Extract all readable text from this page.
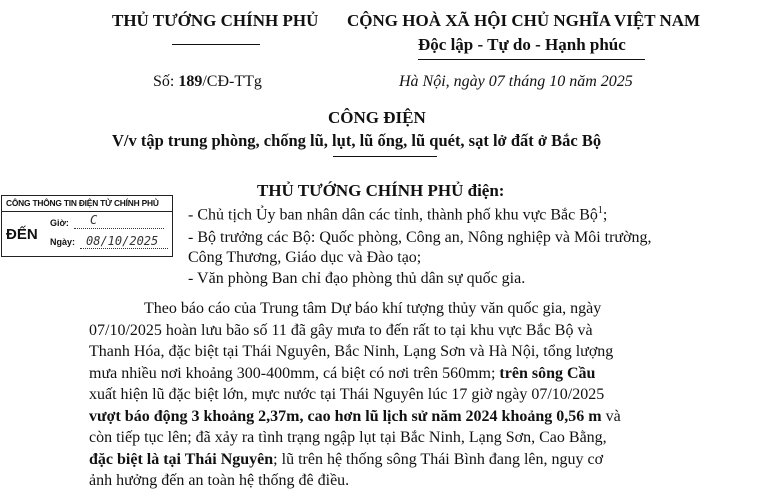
THỦ TƯỚNG CHÍNH PHỦ CỘNG HOÀ XÃ HỘI CHỦ NGHĨA VIỆT NAM
Độc lập - Tự do - Hạnh phúc
Số: 189/CĐ-TTg	Hà Nội, ngày 07 tháng 10 năm 2025
CÔNG ĐIỆN
V/v tập trung phòng, chống lũ, lụt, lũ ống, lũ quét, sạt lở đất ở Bắc Bộ
CÔNG THÔNG TIN ĐIỆN TỬ CHÍNH PHỦ
ĐẾN
Giờ: C
Ngày: 08/10/2025
THỦ TƯỚNG CHÍNH PHỦ điện:
- Chủ tịch Ủy ban nhân dân các tỉnh, thành phố khu vực Bắc Bộ$^1$;
- Bộ trưởng các Bộ: Quốc phòng, Công an, Nông nghiệp và Môi trường,
Công Thương, Giáo dục và Đào tạo;
- Văn phòng Ban chỉ đạo phòng thủ dân sự quốc gia.
Theo báo cáo của Trung tâm Dự báo khí tượng thủy văn quốc gia, ngày
07/10/2025 hoàn lưu bão số 11 đã gây mưa to đến rất to tại khu vực Bắc Bộ và
Thanh Hóa, đặc biệt tại Thái Nguyên, Bắc Ninh, Lạng Sơn và Hà Nội, tổng lượng
mưa nhiều nơi khoảng 300-400mm, cá biệt có nơi trên 560mm; trên sông Cầu
xuất hiện lũ đặc biệt lớn, mực nước tại Thái Nguyên lúc 17 giờ ngày 07/10/2025
vượt báo động 3 khoảng 2,37m, cao hơn lũ lịch sử năm 2024 khoảng 0,56 m và
còn tiếp tục lên; đã xảy ra tình trạng ngập lụt tại Bắc Ninh, Lạng Sơn, Cao Bằng,
đặc biệt là tại Thái Nguyên; lũ trên hệ thống sông Thái Bình đang lên, nguy cơ
ảnh hưởng đến an toàn hệ thống đê điều.
